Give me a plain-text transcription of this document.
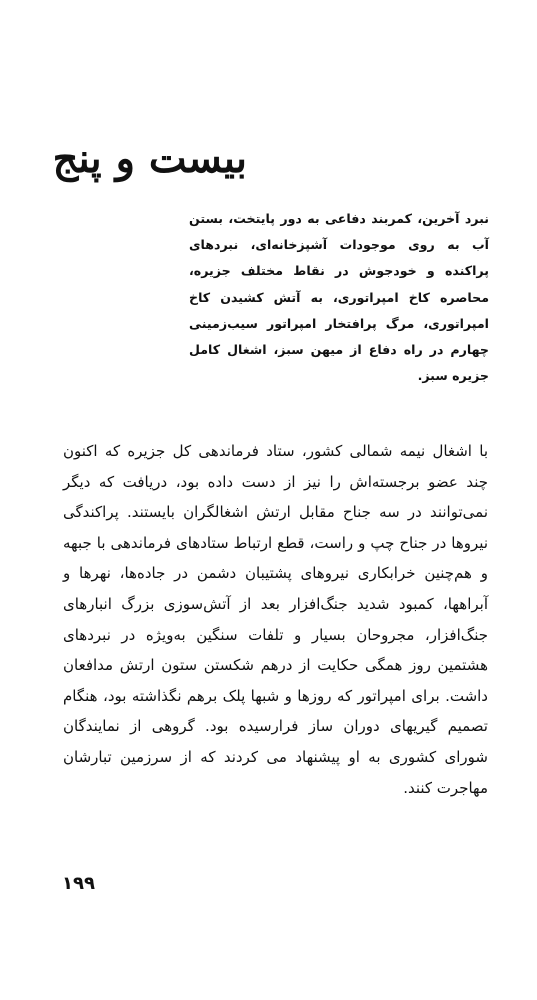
بیست و پنج

نبرد آخرین، کمربند دفاعی به دور پایتخت، بستن آب به روی موجودات آشپزخانه‌ای، نبردهای پراکنده و خودجوش در نقاط مختلف جزیره، محاصره کاخ امپراتوری، به آتش کشیدن کاخ امپراتوری، مرگ پرافتخار امپراتور سیب‌زمینی چهارم در راه دفاع از میهن سبز، اشغال کامل جزیره سبز.

با اشغال نیمه شمالی کشور، ستاد فرماندهی کل جزیره که اکنون چند عضو برجسته‌اش را نیز از دست داده بود، دریافت که دیگر نمی‌توانند در سه جناح مقابل ارتش اشغالگران بایستند. پراکندگی نیروها در جناح چپ و راست، قطع ارتباط ستادهای فرماندهی با جبهه و هم‌چنین خرابکاری نیروهای پشتیبان دشمن در جاده‌ها، نهرها و آبراهها، کمبود شدید جنگ‌افزار بعد از آتش‌سوزی بزرگ انبارهای جنگ‌افزار، مجروحان بسیار و تلفات سنگین به‌ویژه در نبردهای هشتمین روز همگی حکایت از درهم شکستن ستون ارتش مدافعان داشت. برای امپراتور که روزها و شبها پلک برهم نگذاشته بود، هنگام تصمیم گیریهای دوران ساز فرارسیده بود. گروهی از نمایندگان شورای کشوری به او پیشنهاد می کردند که از سرزمین تبارشان مهاجرت کنند.

۱۹۹
